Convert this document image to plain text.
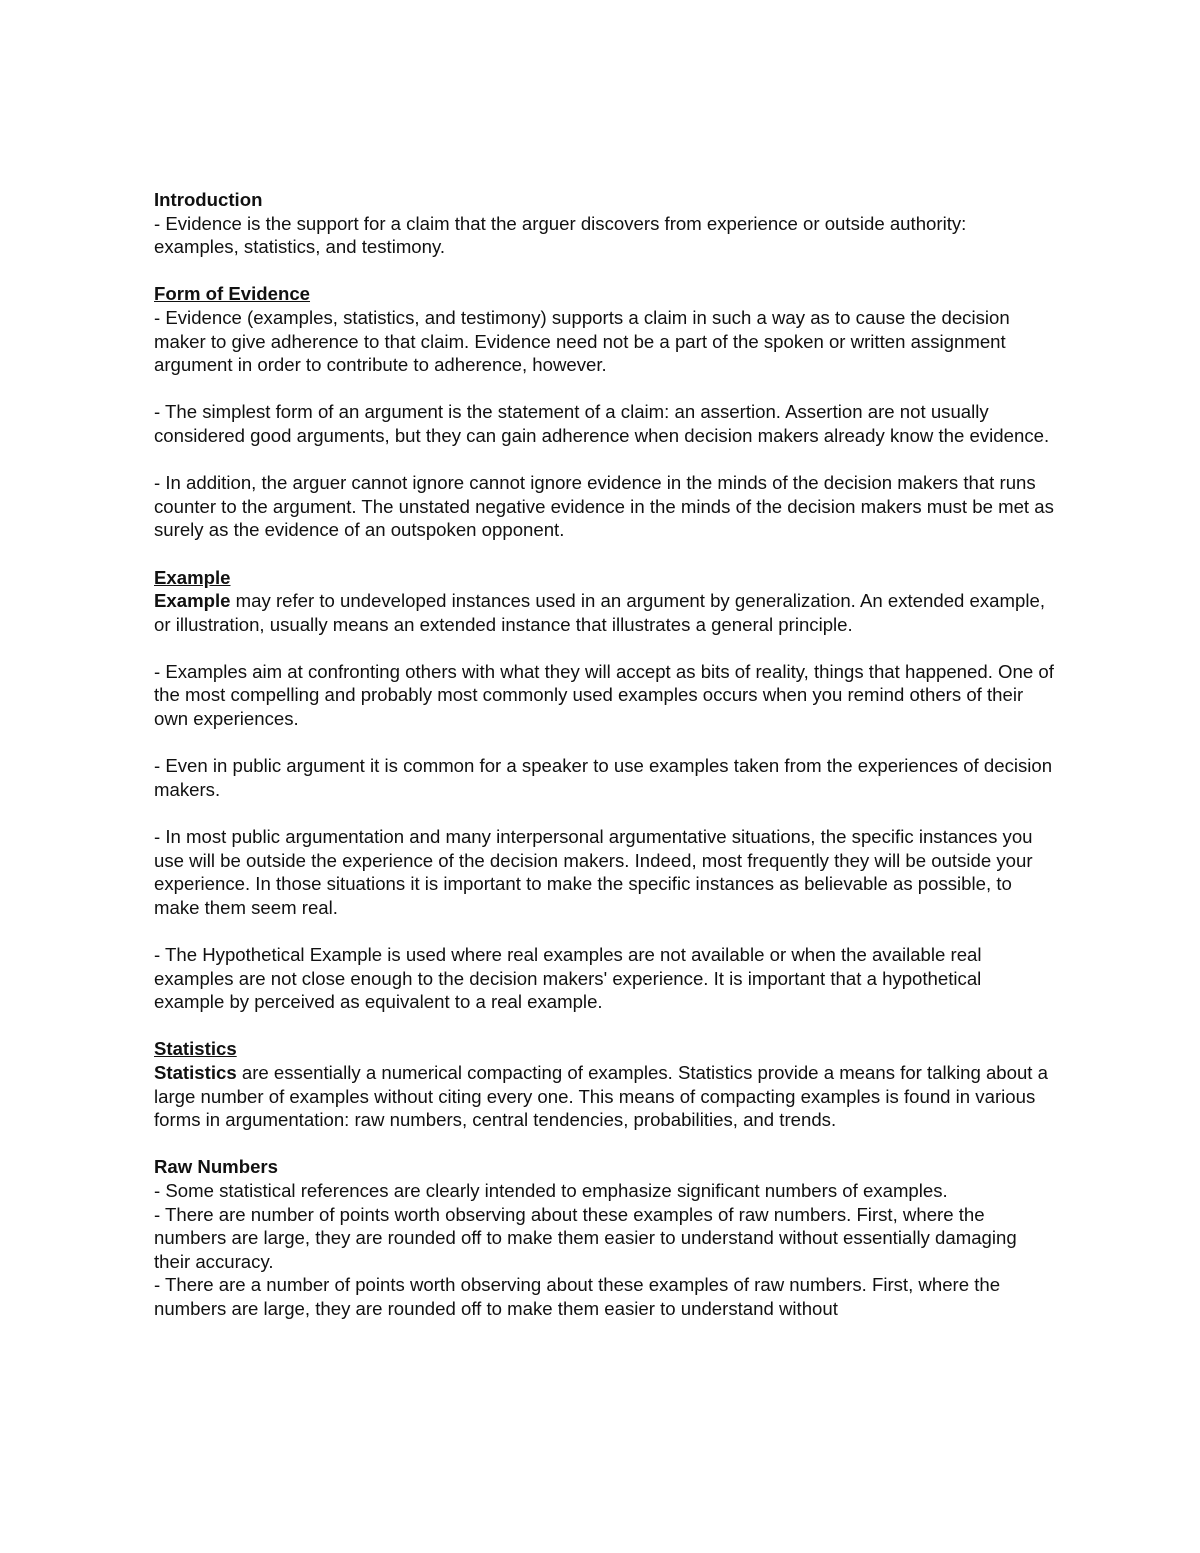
Introduction

- Evidence is the support for a claim that the arguer discovers from experience or outside authority: examples, statistics, and testimony.

Form of Evidence

- Evidence (examples, statistics, and testimony) supports a claim in such a way as to cause the decision maker to give adherence to that claim. Evidence need not be a part of the spoken or written assignment argument in order to contribute to adherence, however.

- The simplest form of an argument is the statement of a claim: an assertion. Assertion are not usually considered good arguments, but they can gain adherence when decision makers already know the evidence.

- In addition, the arguer cannot ignore cannot ignore evidence in the minds of the decision makers that runs counter to the argument. The unstated negative evidence in the minds of the decision makers must be met as surely as the evidence of an outspoken opponent.

Example

Example may refer to undeveloped instances used in an argument by generalization. An extended example, or illustration, usually means an extended instance that illustrates a general principle.

- Examples aim at confronting others with what they will accept as bits of reality, things that happened. One of the most compelling and probably most commonly used examples occurs when you remind others of their own experiences.

- Even in public argument it is common for a speaker to use examples taken from the experiences of decision makers.

- In most public argumentation and many interpersonal argumentative situations, the specific instances you use will be outside the experience of the decision makers. Indeed, most frequently they will be outside your experience. In those situations it is important to make the specific instances as believable as possible, to make them seem real.

- The Hypothetical Example is used where real examples are not available or when the available real examples are not close enough to the decision makers' experience. It is important that a hypothetical example by perceived as equivalent to a real example.

Statistics

Statistics are essentially a numerical compacting of examples. Statistics provide a means for talking about a large number of examples without citing every one. This means of compacting examples is found in various forms in argumentation: raw numbers, central tendencies, probabilities, and trends.

Raw Numbers

- Some statistical references are clearly intended to emphasize significant numbers of examples.

- There are number of points worth observing about these examples of raw numbers. First, where the numbers are large, they are rounded off to make them easier to understand without essentially damaging their accuracy.

- There are a number of points worth observing about these examples of raw numbers. First, where the numbers are large, they are rounded off to make them easier to understand without
